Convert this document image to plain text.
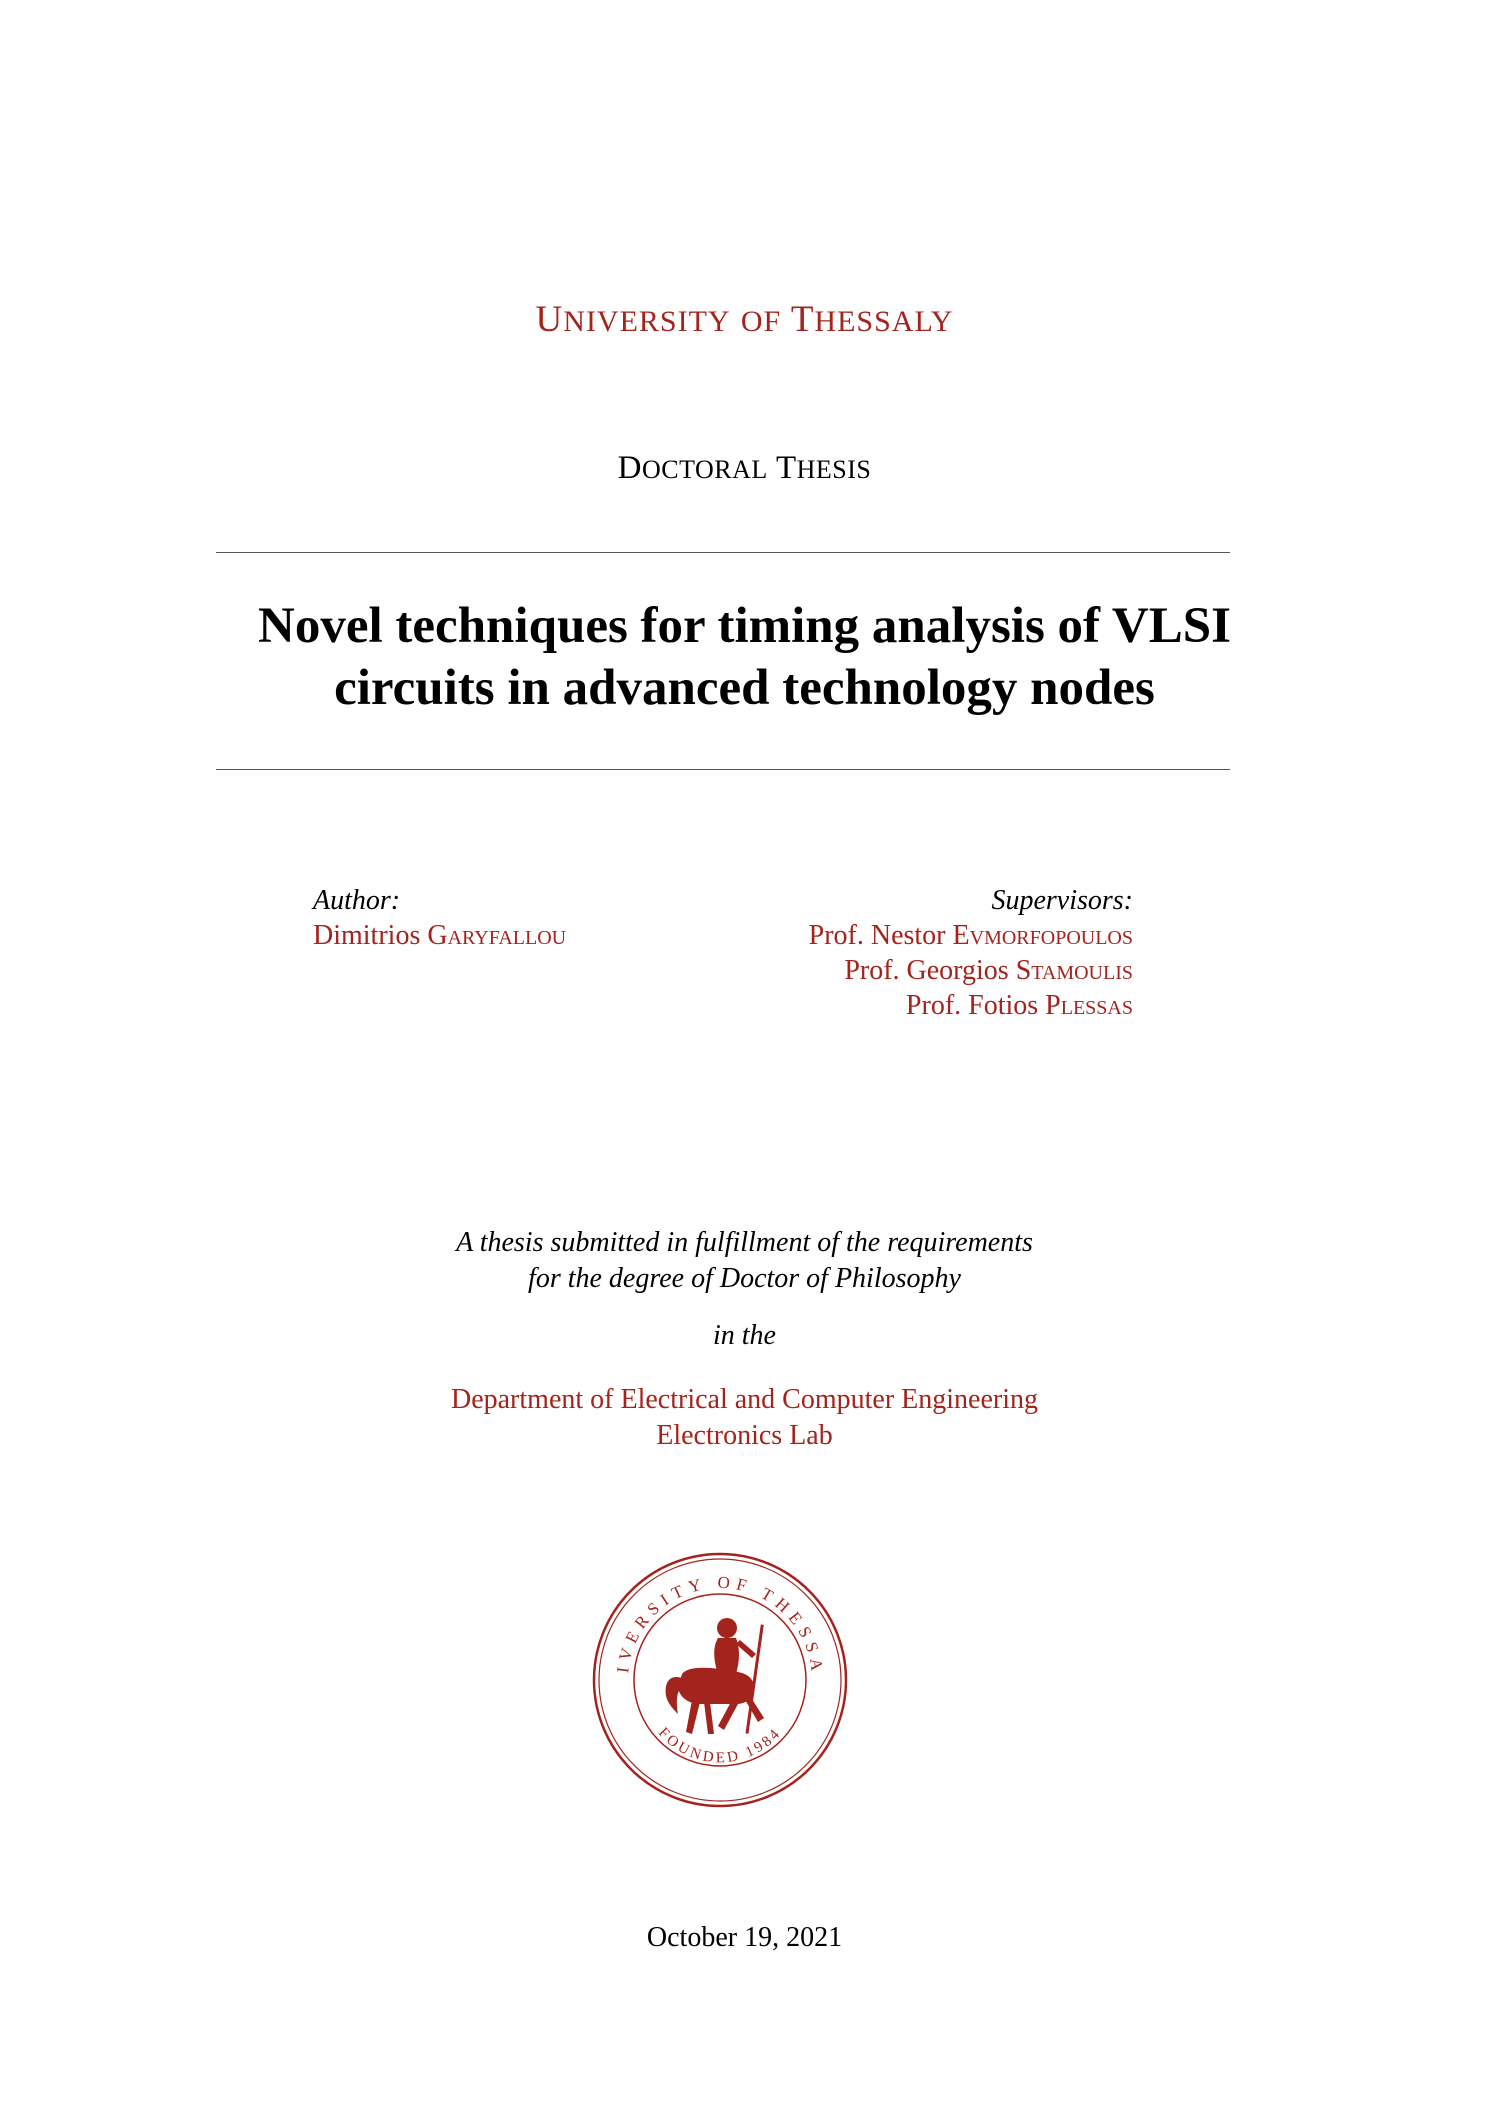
UNIVERSITY OF THESSALY
DOCTORAL THESIS
Novel techniques for timing analysis of VLSI
circuits in advanced technology nodes
Author:
Dimitrios Garyfallou
Supervisors:
Prof. Nestor Evmorfopoulos
Prof. Georgios Stamoulis
Prof. Fotios Plessas
A thesis submitted in fulfillment of the requirements
for the degree of Doctor of Philosophy
in the
Department of Electrical and Computer Engineering
Electronics Lab
IVERSITY OF THESSA
FOUNDED 1984
October 19, 2021
